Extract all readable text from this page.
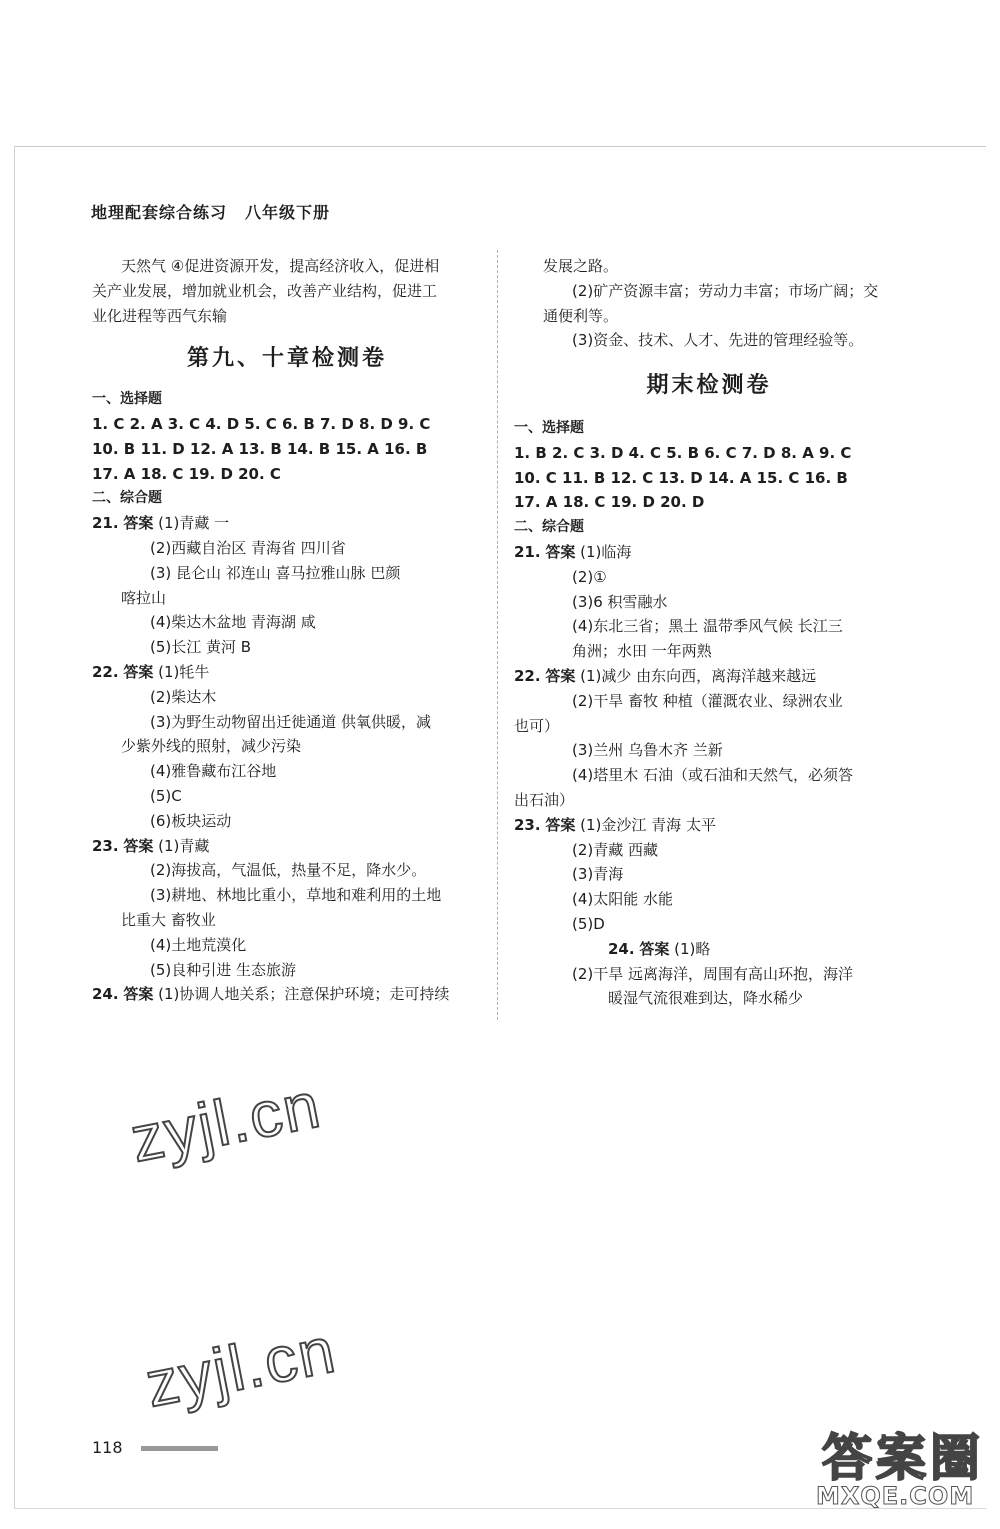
地理配套综合练习 八年级下册
天然气 ④促进资源开发，提高经济收入，促进相
关产业发展，增加就业机会，改善产业结构，促进工
业化进程等西气东输
第九、十章检测卷
一、选择题
1. C 2. A 3. C 4. D 5. C 6. B 7. D 8. D 9. C
10. B 11. D 12. A 13. B 14. B 15. A 16. B
17. A 18. C 19. D 20. C
二、综合题
21. 答案 (1)青藏 一
(2)西藏自治区 青海省 四川省
(3) 昆仑山 祁连山 喜马拉雅山脉 巴颜
喀拉山
(4)柴达木盆地 青海湖 咸
(5)长江 黄河 B
22. 答案 (1)牦牛
(2)柴达木
(3)为野生动物留出迁徙通道 供氧供暖，减
少紫外线的照射，减少污染
(4)雅鲁藏布江谷地
(5)C
(6)板块运动
23. 答案 (1)青藏
(2)海拔高，气温低，热量不足，降水少。
(3)耕地、林地比重小，草地和难利用的土地
比重大 畜牧业
(4)土地荒漠化
(5)良种引进 生态旅游
24. 答案 (1)协调人地关系；注意保护环境；走可持续
发展之路。
(2)矿产资源丰富；劳动力丰富；市场广阔；交
通便利等。
(3)资金、技术、人才、先进的管理经验等。
期末检测卷
一、选择题
1. B 2. C 3. D 4. C 5. B 6. C 7. D 8. A 9. C
10. C 11. B 12. C 13. D 14. A 15. C 16. B
17. A 18. C 19. D 20. D
二、综合题
21. 答案 (1)临海
(2)①
(3)6 积雪融水
(4)东北三省；黑土 温带季风气候 长江三
角洲；水田 一年两熟
22. 答案 (1)减少 由东向西，离海洋越来越远
(2)干旱 畜牧 种植（灌溉农业、绿洲农业
也可）
(3)兰州 乌鲁木齐 兰新
(4)塔里木 石油（或石油和天然气，必须答
出石油）
23. 答案 (1)金沙江 青海 太平
(2)青藏 西藏
(3)青海
(4)太阳能 水能
(5)D
24. 答案 (1)略
(2)干旱 远离海洋，周围有高山环抱，海洋
暖湿气流很难到达，降水稀少
zyjl.cn
zyjl.cn
118	答案圈
MXQE.COM
